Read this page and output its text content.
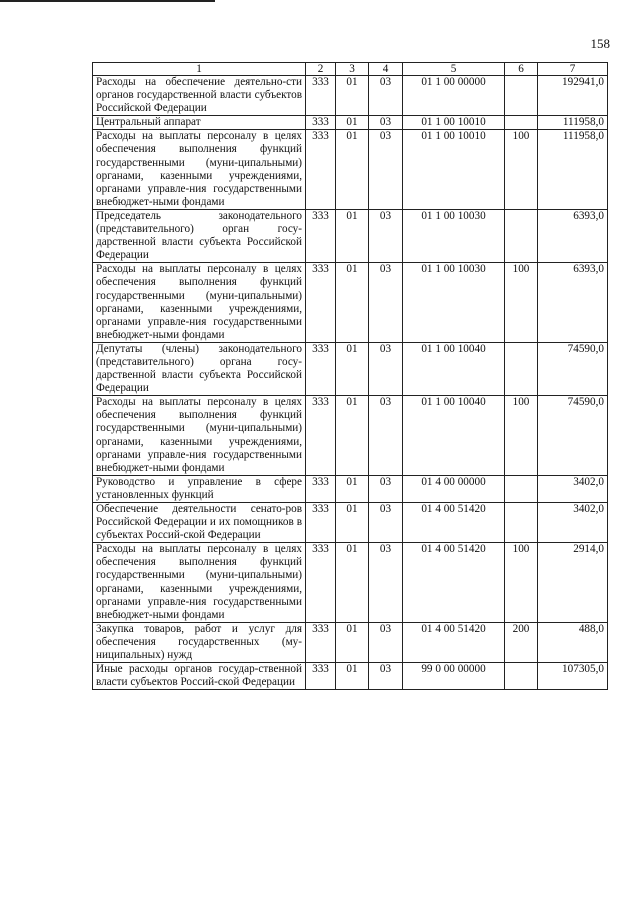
158
1	2	3	4	5	6	7
Расходы на обеспечение деятельно-сти органов государственной власти субъектов Российской Федерации	333	01	03	01 1 00 00000		192941,0
Центральный аппарат	333	01	03	01 1 00 10010		111958,0
Расходы на выплаты персоналу в целях обеспечения выполнения функций государственными (муни-ципальными) органами, казенными учреждениями, органами управле-ния государственными внебюджет-ными фондами	333	01	03	01 1 00 10010	100	111958,0
Председатель законодательного (представительного) орган госу-дарственной власти субъекта Российской Федерации	333	01	03	01 1 00 10030		6393,0
Расходы на выплаты персоналу в целях обеспечения выполнения функций государственными (муни-ципальными) органами, казенными учреждениями, органами управле-ния государственными внебюджет-ными фондами	333	01	03	01 1 00 10030	100	6393,0
Депутаты (члены) законодательного (представительного) органа госу-дарственной власти субъекта Российской Федерации	333	01	03	01 1 00 10040		74590,0
Расходы на выплаты персоналу в целях обеспечения выполнения функций государственными (муни-ципальными) органами, казенными учреждениями, органами управле-ния государственными внебюджет-ными фондами	333	01	03	01 1 00 10040	100	74590,0
Руководство и управление в сфере установленных функций	333	01	03	01 4 00 00000		3402,0
Обеспечение деятельности сенато-ров Российской Федерации и их помощников в субъектах Россий-ской Федерации	333	01	03	01 4 00 51420		3402,0
Расходы на выплаты персоналу в целях обеспечения выполнения функций государственными (муни-ципальными) органами, казенными учреждениями, органами управле-ния государственными внебюджет-ными фондами	333	01	03	01 4 00 51420	100	2914,0
Закупка товаров, работ и услуг для обеспечения государственных (му-ниципальных) нужд	333	01	03	01 4 00 51420	200	488,0
Иные расходы органов государ-ственной власти субъектов Россий-ской Федерации	333	01	03	99 0 00 00000		107305,0
